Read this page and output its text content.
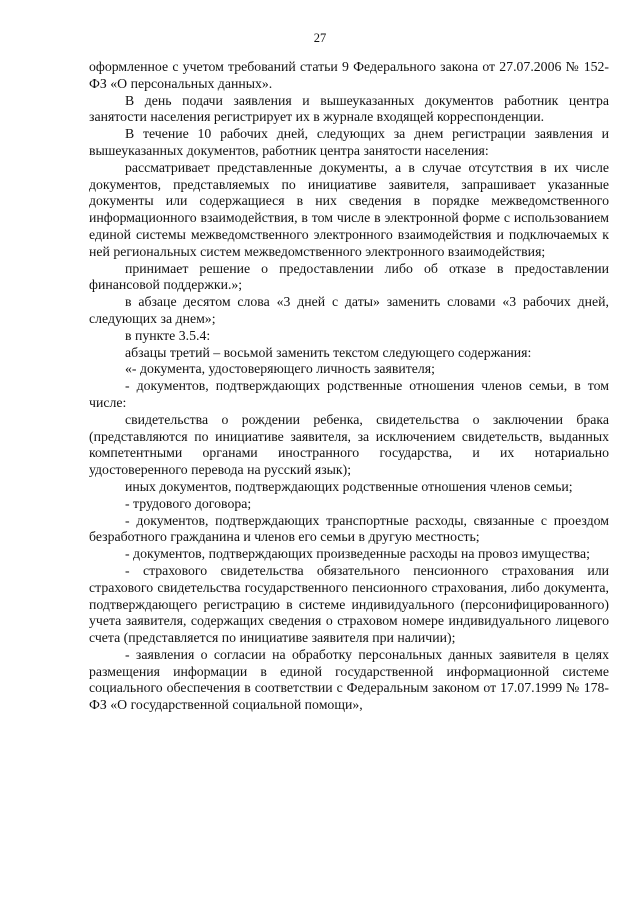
27

оформленное с учетом требований статьи 9 Федерального закона от 27.07.2006 № 152-ФЗ «О персональных данных».

В день подачи заявления и вышеуказанных документов работник центра занятости населения регистрирует их в журнале входящей корреспонденции.

В течение 10 рабочих дней, следующих за днем регистрации заявления и вышеуказанных документов, работник центра занятости населения:

рассматривает представленные документы, а в случае отсутствия в их числе документов, представляемых по инициативе заявителя, запрашивает указанные документы или содержащиеся в них сведения в порядке межведомственного информационного взаимодействия, в том числе в электронной форме с использованием единой системы межведомственного электронного взаимодействия и подключаемых к ней региональных систем межведомственного электронного взаимодействия;

принимает решение о предоставлении либо об отказе в предоставлении финансовой поддержки.»;

в абзаце десятом слова «3 дней с даты» заменить словами «3 рабочих дней, следующих за днем»;

в пункте 3.5.4:

абзацы третий – восьмой заменить текстом следующего содержания:

«- документа, удостоверяющего личность заявителя;

- документов, подтверждающих родственные отношения членов семьи, в том числе:

свидетельства о рождении ребенка, свидетельства о заключении брака (представляются по инициативе заявителя, за исключением свидетельств, выданных компетентными органами иностранного государства, и их нотариально удостоверенного перевода на русский язык);

иных документов, подтверждающих родственные отношения членов семьи;

- трудового договора;

- документов, подтверждающих транспортные расходы, связанные с проездом безработного гражданина и членов его семьи в другую местность;

- документов, подтверждающих произведенные расходы на провоз имущества;

- страхового свидетельства обязательного пенсионного страхования или страхового свидетельства государственного пенсионного страхования, либо документа, подтверждающего регистрацию в системе индивидуального (персонифицированного) учета заявителя, содержащих сведения о страховом номере индивидуального лицевого счета (представляется по инициативе заявителя при наличии);

- заявления о согласии на обработку персональных данных заявителя в целях размещения информации в единой государственной информационной системе социального обеспечения в соответствии с Федеральным законом от 17.07.1999 № 178-ФЗ «О государственной социальной помощи»,
